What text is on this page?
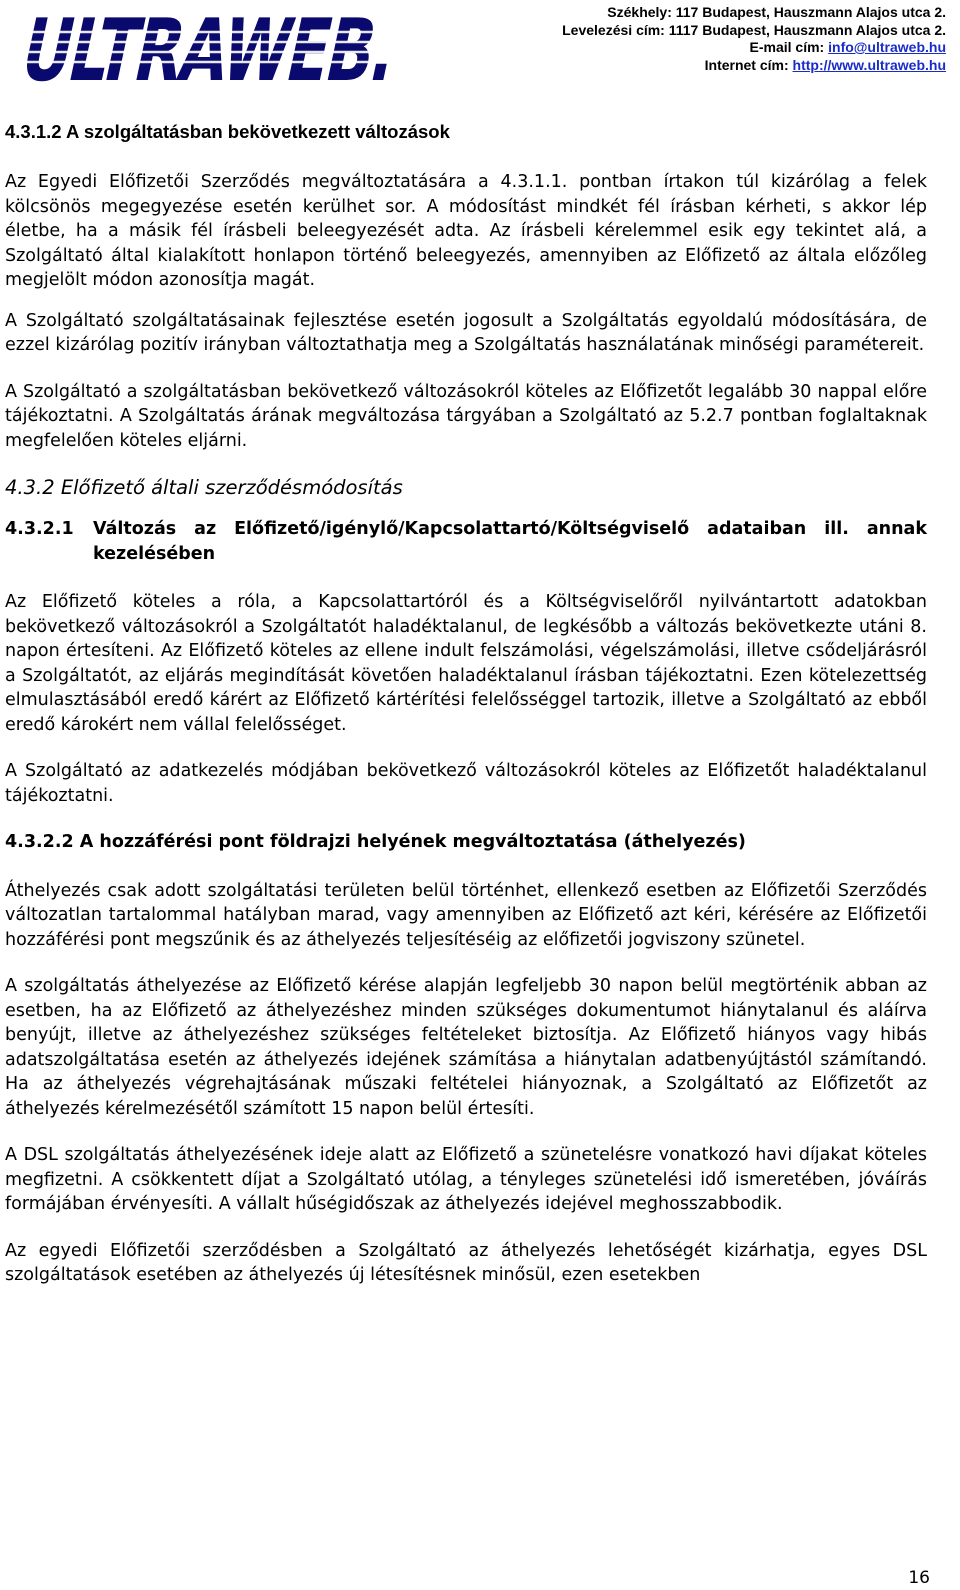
ULTRAWEB.	Székhely: 117 Budapest, Hauszmann Alajos utca 2.
Levelezési cím: 1117 Budapest, Hauszmann Alajos utca 2.
E-mail cím: info@ultraweb.hu
Internet cím: http://www.ultraweb.hu
4.3.1.2 A szolgáltatásban bekövetkezett változások

Az Egyedi Előfizetői Szerződés megváltoztatására a 4.3.1.1. pontban írtakon túl kizárólag a felek kölcsönös megegyezése esetén kerülhet sor. A módosítást mindkét fél írásban kérheti, s akkor lép életbe, ha a másik fél írásbeli beleegyezését adta. Az írásbeli kérelemmel esik egy tekintet alá, a Szolgáltató által kialakított honlapon történő beleegyezés, amennyiben az Előfizető az általa előzőleg megjelölt módon azonosítja magát.

A Szolgáltató szolgáltatásainak fejlesztése esetén jogosult a Szolgáltatás egyoldalú módosítására, de ezzel kizárólag pozitív irányban változtathatja meg a Szolgáltatás használatának minőségi paramétereit.

A Szolgáltató a szolgáltatásban bekövetkező változásokról köteles az Előfizetőt legalább 30 nappal előre tájékoztatni. A Szolgáltatás árának megváltozása tárgyában a Szolgáltató az 5.2.7 pontban foglaltaknak megfelelően köteles eljárni.

4.3.2 Előfizető általi szerződésmódosítás
4.3.2.1	Változás az Előfizető/igénylő/Kapcsolattartó/Költségviselő adataiban ill. annak kezelésében

Az Előfizető köteles a róla, a Kapcsolattartóról és a Költségviselőről nyilvántartott adatokban bekövetkező változásokról a Szolgáltatót haladéktalanul, de legkésőbb a változás bekövetkezte utáni 8. napon értesíteni. Az Előfizető köteles az ellene indult felszámolási, végelszámolási, illetve csődeljárásról a Szolgáltatót, az eljárás megindítását követően haladéktalanul írásban tájékoztatni. Ezen kötelezettség elmulasztásából eredő kárért az Előfizető kártérítési felelősséggel tartozik, illetve a Szolgáltató az ebből eredő károkért nem vállal felelősséget.

A Szolgáltató az adatkezelés módjában bekövetkező változásokról köteles az Előfizetőt haladéktalanul tájékoztatni.

4.3.2.2 A hozzáférési pont földrajzi helyének megváltoztatása (áthelyezés)

Áthelyezés csak adott szolgáltatási területen belül történhet, ellenkező esetben az Előfizetői Szerződés változatlan tartalommal hatályban marad, vagy amennyiben az Előfizető azt kéri, kérésére az Előfizetői hozzáférési pont megszűnik és az áthelyezés teljesítéséig az előfizetői jogviszony szünetel.

A szolgáltatás áthelyezése az Előfizető kérése alapján legfeljebb 30 napon belül megtörténik abban az esetben, ha az Előfizető az áthelyezéshez minden szükséges dokumentumot hiánytalanul és aláírva benyújt, illetve az áthelyezéshez szükséges feltételeket biztosítja. Az Előfizető hiányos vagy hibás adatszolgáltatása esetén az áthelyezés idejének számítása a hiánytalan adatbenyújtástól számítandó. Ha az áthelyezés végrehajtásának műszaki feltételei hiányoznak, a Szolgáltató az Előfizetőt az áthelyezés kérelmezésétől számított 15 napon belül értesíti.

A DSL szolgáltatás áthelyezésének ideje alatt az Előfizető a szünetelésre vonatkozó havi díjakat köteles megfizetni. A csökkentett díjat a Szolgáltató utólag, a tényleges szünetelési idő ismeretében, jóváírás formájában érvényesíti. A vállalt hűségidőszak az áthelyezés idejével meghosszabbodik.

Az egyedi Előfizetői szerződésben a Szolgáltató az áthelyezés lehetőségét kizárhatja, egyes DSL szolgáltatások esetében az áthelyezés új létesítésnek minősül, ezen esetekben

16
